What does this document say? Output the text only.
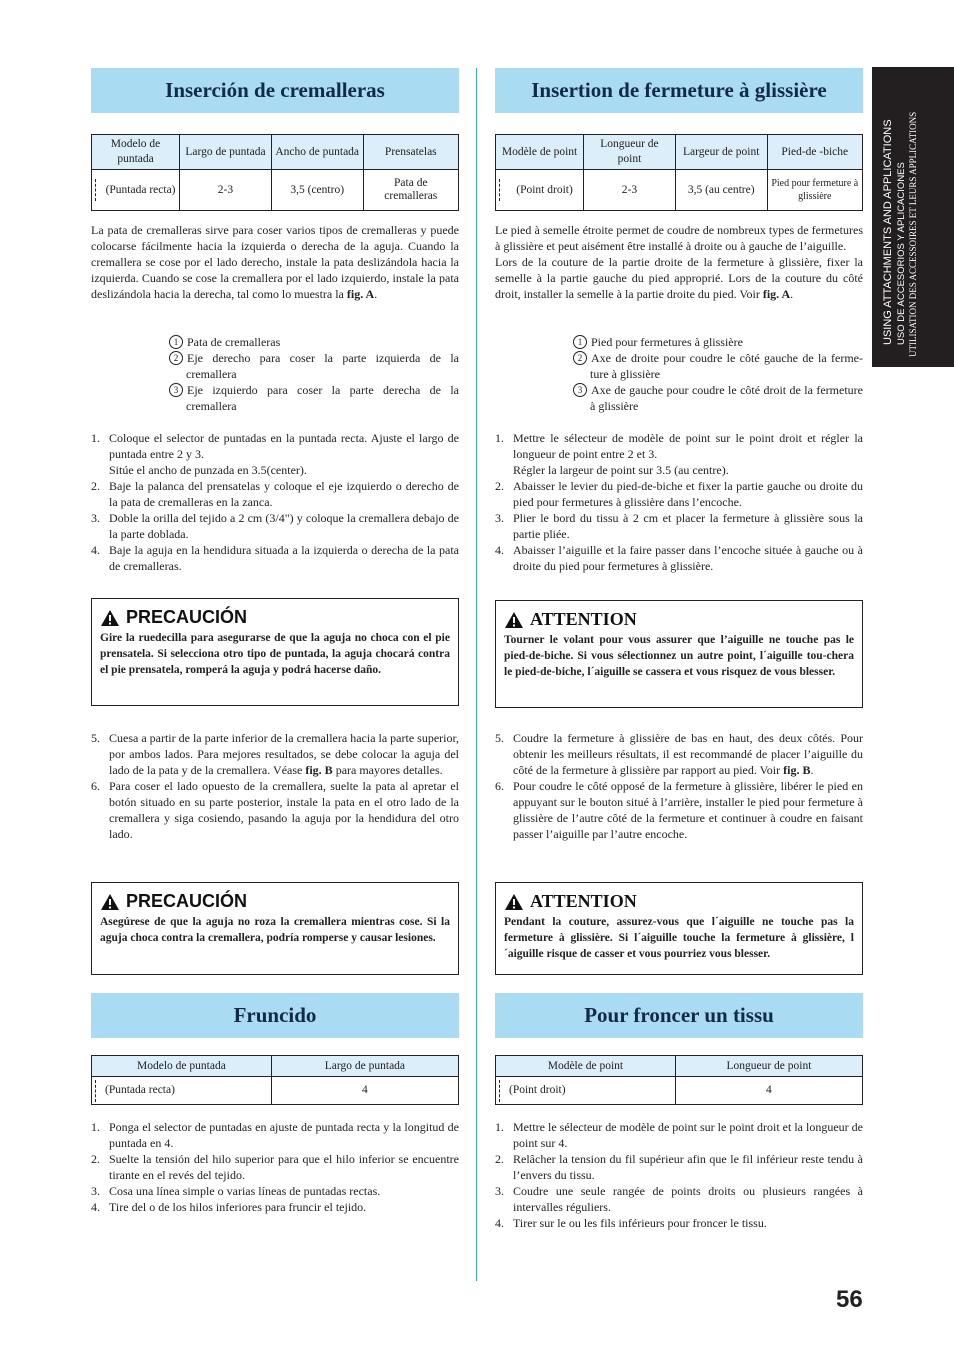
Inserción de cremalleras
Modelo de puntada	Largo de puntada	Ancho de puntada	Prensatelas

(Puntada recta)	2-3	3,5 (centro)	Pata de cremalleras

La pata de cremalleras sirve para coser varios tipos de cremalleras y puede colocarse fácilmente hacia la izquierda o derecha de la aguja. Cuando la cremallera se cose por el lado derecho, instale la pata deslizándola hacia la izquierda. Cuando se cose la cremallera por el lado izquierdo, instale la pata deslizándola hacia la derecha, tal como lo muestra la fig. A.

1 Pata de cremalleras
2 Eje derecho para coser la parte izquierda de la cremallera
3 Eje izquierdo para coser la parte derecha de la cremallera
1. Coloque el selector de puntadas en la puntada recta. Ajuste el largo de puntada entre 2 y 3.
Sitúe el ancho de punzada en 3.5(center).
2. Baje la palanca del prensatelas y coloque el eje izquierdo o derecho de la pata de cremalleras en la zanca.
3. Doble la orilla del tejido a 2 cm (3/4") y coloque la cremallera debajo de la parte doblada.
4. Baje la aguja en la hendidura situada a la izquierda o derecha de la pata de cremalleras.
PRECAUCIÓN
Gire la ruedecilla para asegurarse de que la aguja no choca con el pie prensatela. Si selecciona otro tipo de puntada, la aguja chocará contra el pie prensatela, romperá la aguja y podrá hacerse daño.
5. Cuesa a partir de la parte inferior de la cremallera hacia la parte superior, por ambos lados. Para mejores resultados, se debe colocar la aguja del lado de la pata y de la cremallera. Véase fig. B para mayores detalles.
6. Para coser el lado opuesto de la cremallera, suelte la pata al apretar el botón situado en su parte posterior, instale la pata en el otro lado de la cremallera y siga cosiendo, pasando la aguja por la hendidura del otro lado.
PRECAUCIÓN
Asegúrese de que la aguja no roza la cremallera mientras cose. Si la aguja choca contra la cremallera, podría romperse y causar lesiones.
Fruncido
Modelo de puntada	Largo de puntada

(Puntada recta)	4
1. Ponga el selector de puntadas en ajuste de puntada recta y la longitud de puntada en 4.
2. Suelte la tensión del hilo superior para que el hilo inferior se encuentre tirante en el revés del tejido.
3. Cosa una línea simple o varias líneas de puntadas rectas.
4. Tire del o de los hilos inferiores para fruncir el tejido.
Insertion de fermeture à glissière
Modèle de point	Longueur de point	Largeur de point	Pied-de -biche

(Point droit)	2-3	3,5 (au centre)	Pied pour fermeture à glissière

Le pied à semelle étroite permet de coudre de nombreux types de fermetures à glissière et peut aisément être installé à droite ou à gauche de l’aiguille.
Lors de la couture de la partie droite de la fermeture à glissière, fixer la semelle à la partie gauche du pied approprié. Lors de la couture du côté droit, installer la semelle à la partie droite du pied. Voir fig. A.

1 Pied pour fermetures à glissière
2 Axe de droite pour coudre le côté gauche de la ferme-ture à glissière
3 Axe de gauche pour coudre le côté droit de la fermeture à glissière
1. Mettre le sélecteur de modèle de point sur le point droit et régler la longueur de point entre 2 et 3.
Régler la largeur de point sur 3.5 (au centre).
2. Abaisser le levier du pied-de-biche et fixer la partie gauche ou droite du pied pour fermetures à glissière dans l’encoche.
3. Plier le bord du tissu à 2 cm et placer la fermeture à glissière sous la partie pliée.
4. Abaisser l’aiguille et la faire passer dans l’encoche située à gauche ou à droite du pied pour fermetures à glissière.
ATTENTION
Tourner le volant pour vous assurer que l’aiguille ne touche pas le pied-de-biche. Si vous sélectionnez un autre point, l´aiguille tou-chera le pied-de-biche, l´aiguille se cassera et vous risquez de vous blesser.
5. Coudre la fermeture à glissière de bas en haut, des deux côtés. Pour obtenir les meilleurs résultats, il est recommandé de placer l’aiguille du côté de la fermeture à glissière par rapport au pied. Voir fig. B.
6. Pour coudre le côté opposé de la fermeture à glissière, libérer le pied en appuyant sur le bouton situé à l’arrière, installer le pied pour fermeture à glissière de l’autre côté de la fermeture et continuer à coudre en faisant passer l’aiguille par l’autre encoche.
ATTENTION
Pendant la couture, assurez-vous que l´aiguille ne touche pas la fermeture à glissière. Si l´aiguille touche la fermeture à glissière, l´aiguille risque de casser et vous pourriez vous blesser.
Pour froncer un tissu
Modèle de point	Longueur de point

(Point droit)	4
1. Mettre le sélecteur de modèle de point sur le point droit et la longueur de point sur 4.
2. Relâcher la tension du fil supérieur afin que le fil inférieur reste tendu à l’envers du tissu.
3. Coudre une seule rangée de points droits ou plusieurs rangées à intervalles réguliers.
4. Tirer sur le ou les fils inférieurs pour froncer le tissu.
USING ATTACHMENTS AND APPLICATIONS USO DE ACCESORIOS Y APLICACIONES UTILISATION DES ACCESSOIRES ET LEURS APPLICATIONS
56
